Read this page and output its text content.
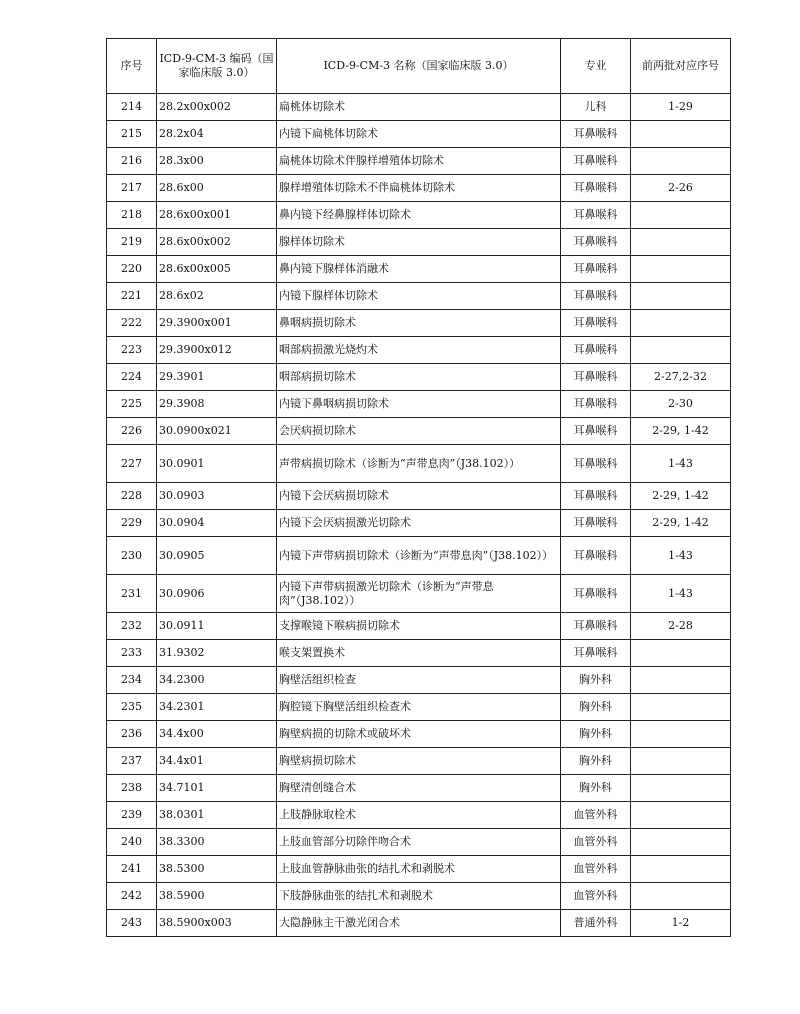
序号	ICD-9-CM-3 编码（国家临床版 3.0）	ICD-9-CM-3 名称（国家临床版 3.0）	专业	前两批对应序号
214	28.2x00x002	扁桃体切除术	儿科	1-29
215	28.2x04	内镜下扁桃体切除术	耳鼻喉科	
216	28.3x00	扁桃体切除术伴腺样增殖体切除术	耳鼻喉科	
217	28.6x00	腺样增殖体切除术不伴扁桃体切除术	耳鼻喉科	2-26
218	28.6x00x001	鼻内镜下经鼻腺样体切除术	耳鼻喉科	
219	28.6x00x002	腺样体切除术	耳鼻喉科	
220	28.6x00x005	鼻内镜下腺样体消融术	耳鼻喉科	
221	28.6x02	内镜下腺样体切除术	耳鼻喉科	
222	29.3900x001	鼻咽病损切除术	耳鼻喉科	
223	29.3900x012	咽部病损激光烧灼术	耳鼻喉科	
224	29.3901	咽部病损切除术	耳鼻喉科	2-27,2-32
225	29.3908	内镜下鼻咽病损切除术	耳鼻喉科	2-30
226	30.0900x021	会厌病损切除术	耳鼻喉科	2-29, 1-42
227	30.0901	声带病损切除术（诊断为“声带息肉”（J38.102））	耳鼻喉科	1-43
228	30.0903	内镜下会厌病损切除术	耳鼻喉科	2-29, 1-42
229	30.0904	内镜下会厌病损激光切除术	耳鼻喉科	2-29, 1-42
230	30.0905	内镜下声带病损切除术（诊断为“声带息肉”（J38.102））	耳鼻喉科	1-43
231	30.0906	内镜下声带病损激光切除术（诊断为“声带息肉”（J38.102））	耳鼻喉科	1-43
232	30.0911	支撑喉镜下喉病损切除术	耳鼻喉科	2-28
233	31.9302	喉支架置换术	耳鼻喉科	
234	34.2300	胸壁活组织检查	胸外科	
235	34.2301	胸腔镜下胸壁活组织检查术	胸外科	
236	34.4x00	胸壁病损的切除术或破坏术	胸外科	
237	34.4x01	胸壁病损切除术	胸外科	
238	34.7101	胸壁清创缝合术	胸外科	
239	38.0301	上肢静脉取栓术	血管外科	
240	38.3300	上肢血管部分切除伴吻合术	血管外科	
241	38.5300	上肢血管静脉曲张的结扎术和剥脱术	血管外科	
242	38.5900	下肢静脉曲张的结扎术和剥脱术	血管外科	
243	38.5900x003	大隐静脉主干激光闭合术	普通外科	1-2
